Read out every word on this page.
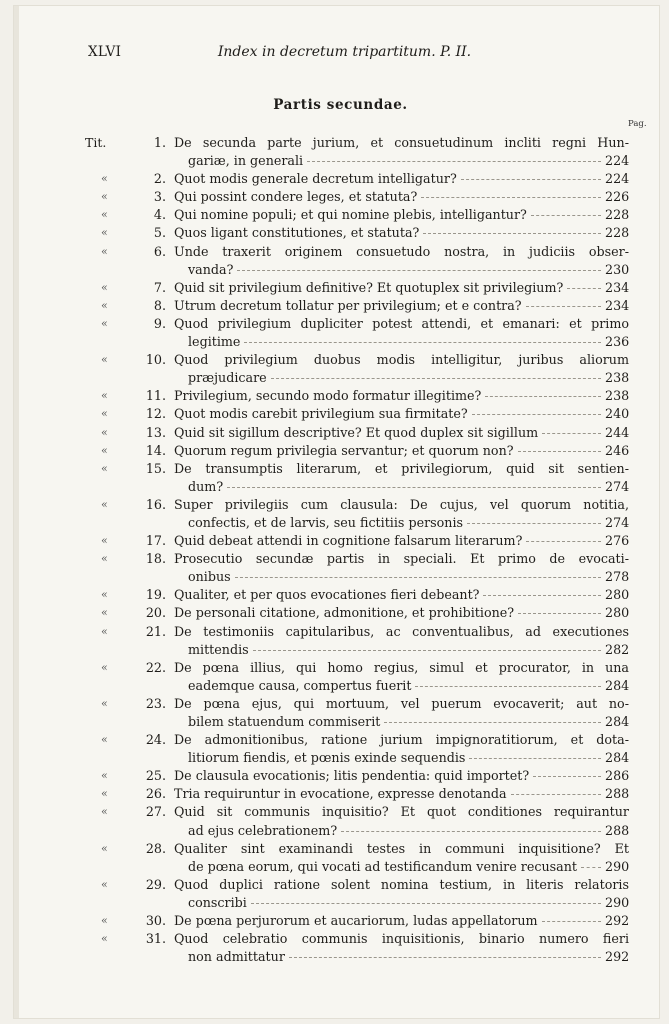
XLVI	Index in decretum tripartitum. P. II.
Partis secundae.
Pag.
Tit.	1. De secunda parte jurium, et consuetudinum incliti regni Hun-
gariæ, in generali	224
«	2. Quot modis generale decretum intelligatur?	224
«	3. Qui possint condere leges, et statuta?	226
«	4. Qui nomine populi; et qui nomine plebis, intelligantur?	228
«	5. Quos ligant constitutiones, et statuta?	228
«	6. Unde traxerit originem consuetudo nostra, in judiciis obser-
vanda?	230
«	7. Quid sit privilegium definitive? Et quotuplex sit privilegium?	234
«	8. Utrum decretum tollatur per privilegium; et e contra?	234
«	9. Quod privilegium dupliciter potest attendi, et emanari: et primo
legitime	236
«	10. Quod privilegium duobus modis intelligitur, juribus aliorum
præjudicare	238
«	11. Privilegium, secundo modo formatur illegitime?	238
«	12. Quot modis carebit privilegium sua firmitate?	240
«	13. Quid sit sigillum descriptive? Et quod duplex sit sigillum	244
«	14. Quorum regum privilegia servantur; et quorum non?	246
«	15. De transumptis literarum, et privilegiorum, quid sit sentien-
dum?	274
«	16. Super privilegiis cum clausula: De cujus, vel quorum notitia,
confectis, et de larvis, seu fictitiis personis	274
«	17. Quid debeat attendi in cognitione falsarum literarum?	276
«	18. Prosecutio secundæ partis in speciali. Et primo de evocati-
onibus	278
«	19. Qualiter, et per quos evocationes fieri debeant?	280
«	20. De personali citatione, admonitione, et prohibitione?	280
«	21. De testimoniis capitularibus, ac conventualibus, ad executiones
mittendis	282
«	22. De pœna illius, qui homo regius, simul et procurator, in una
eademque causa, compertus fuerit	284
«	23. De pœna ejus, qui mortuum, vel puerum evocaverit; aut no-
bilem statuendum commiserit	284
«	24. De admonitionibus, ratione jurium impignoratitiorum, et dota-
litiorum fiendis, et pœnis exinde sequendis	284
«	25. De clausula evocationis; litis pendentia: quid importet?	286
«	26. Tria requiruntur in evocatione, expresse denotanda	288
«	27. Quid sit communis inquisitio? Et quot conditiones requirantur
ad ejus celebrationem?	288
«	28. Qualiter sint examinandi testes in communi inquisitione? Et
de pœna eorum, qui vocati ad testificandum venire recusant 290
«	29. Quod duplici ratione solent nomina testium, in literis relatoris
conscribi	290
«	30. De pœna perjurorum et aucariorum, ludas appellatorum	292
«	31. Quod celebratio communis inquisitionis, binario numero fieri
non admittatur	292
